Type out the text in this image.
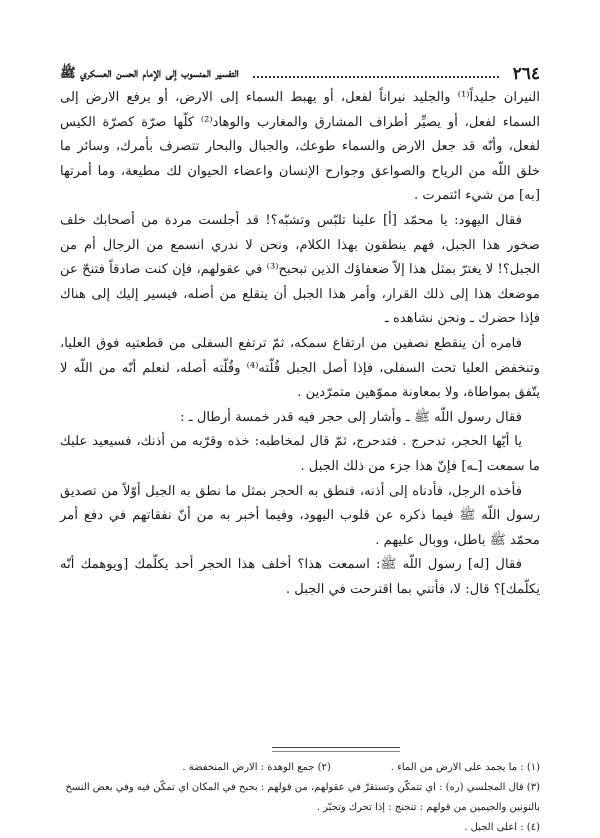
٢٦٤
التفسير المنسوب إلى الإمام الحسن العسكري ﷺ

النيران جليداً⁽¹⁾ والجليد نيراناً لفعل، أو يهبط السماء إلى الارض، أو يرفع الارض إلى السماء لفعل، أو يصيِّر أطراف المشارق والمغارب والوهاد⁽²⁾ كلّها صرّة كصرّة الكيس لفعل، وأنّه قد جعل الارض والسماء طوعك، والجبال والبحار تتصرف بأمرك، وسائر ما خلق اللّه من الرياح والصواعق وجوارح الإنسان واعضاء الحيوان لك مطيعة، وما أمرتها [به] من شيء ائتمرت .

فقال اليهود: يا محمّد [أ] علينا تلبّس وتشبّه؟! قد أجلست مردة من أصحابك خلف صخور هذا الجبل، فهم ينطقون بهذا الكلام، ونحن لا ندري انسمع من الرجال أم من الجبل؟! لا يغترّ بمثل هذا إلاّ ضعفاؤك الذين تبحبح⁽³⁾ في عقولهم، فإن كنت صادقاً فتنحّ عن موضعك هذا إلى ذلك القرار، وأمر هذا الجبل أن ينقلع من أصله، فيسير إليك إلى هناك فإذا حضرك ـ ونحن نشاهده ـ

فامره أن ينقطع نصفين من ارتفاع سمكه، ثمّ ترتفع السفلى من قطعتيه فوق العليا، وتنخفض العليا تحت السفلى، فإذا أصل الجبل قُلّته⁽⁴⁾ وقُلّته أصله، لنعلم أنّه من اللّه لا يتّفق بمواطاة، ولا بمعاونة مموّهين متمرّدين .

فقال رسول اللّه ﷺ ـ وأشار إلى حجر فيه قدر خمسة أرطال ـ :

يا أيّها الحجر، تدحرج . فتدحرج، ثمّ قال لمخاطبه: خذه وقرّبه من أذنك، فسيعيد عليك ما سمعت [ـه] فإنّ هذا جزء من ذلك الجبل .

فأخذه الرجل، فأدناه إلى أذنه، فنطق به الحجر بمثل ما نطق به الجبل أوّلاً من تصديق رسول اللّه ﷺ فيما ذكره عن قلوب اليهود، وفيما أخبر به من أنّ نفقاتهم في دفع أمر محمّد ﷺ باطل، ووبال عليهم .

فقال [له] رسول اللّه ﷺ: اسمعت هذا؟ أخلف هذا الحجر أحد يكلّمك [ويوهمك أنّه يكلّمك]؟ قال: لا، فأتني بما اقترحت في الجبل .

(١) : ما يجمد على الارض من الماء .
(٢) جمع الوهدة : الارض المنخفضة .
(٣) قال المجلسي (ره) : اي تتمكّن وتستقرّ في عقولهم، من قولهم : بحبح في المكان اي تمكّن فيه وفي بعض النسخ بالنونين والجيمين من قولهم : تنجنج : إذا تحرك وتجبّر .
(٤) : اعلى الجبل .
